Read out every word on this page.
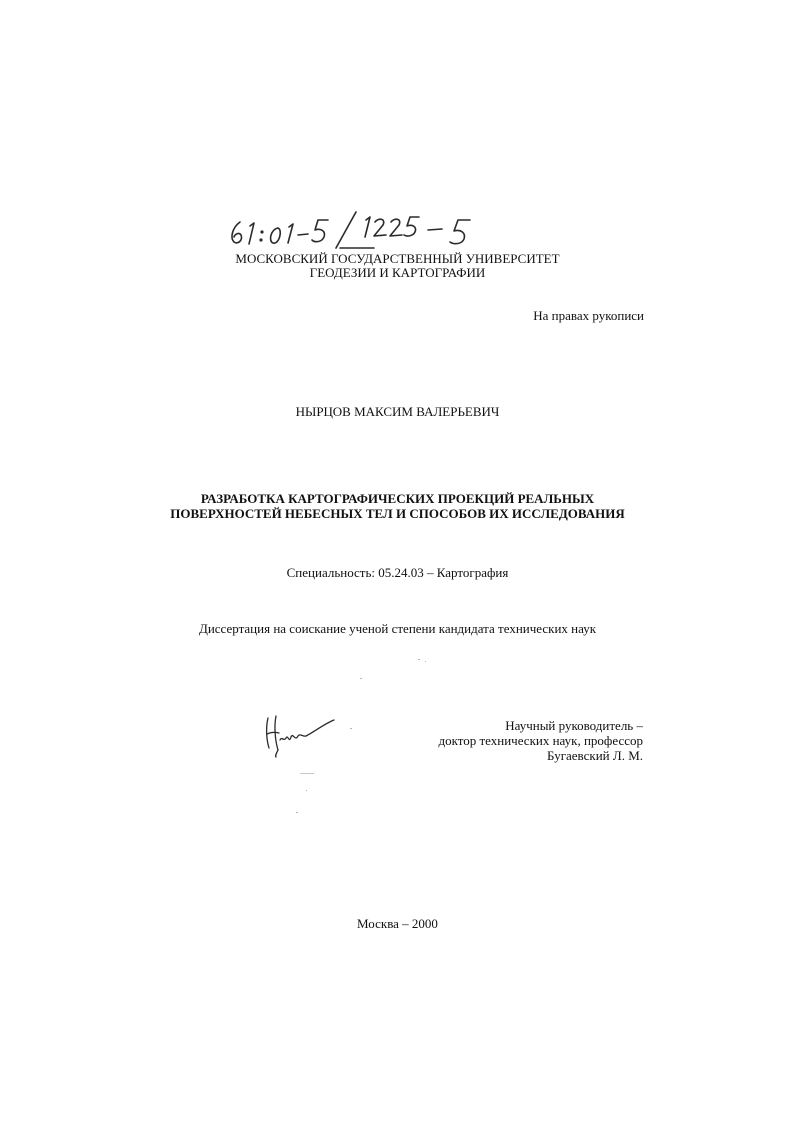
МОСКОВСКИЙ ГОСУДАРСТВЕННЫЙ УНИВЕРСИТЕТ
ГЕОДЕЗИИ И КАРТОГРАФИИ
На правах рукописи
НЫРЦОВ МАКСИМ ВАЛЕРЬЕВИЧ
РАЗРАБОТКА КАРТОГРАФИЧЕСКИХ ПРОЕКЦИЙ РЕАЛЬНЫХ
ПОВЕРХНОСТЕЙ НЕБЕСНЫХ ТЕЛ И СПОСОБОВ ИХ ИССЛЕДОВАНИЯ
Специальность: 05.24.03 – Картография
Диссертация на соискание ученой степени кандидата технических наук
Научный руководитель –
доктор технических наук, профессор
Бугаевский Л. М.
Москва – 2000
